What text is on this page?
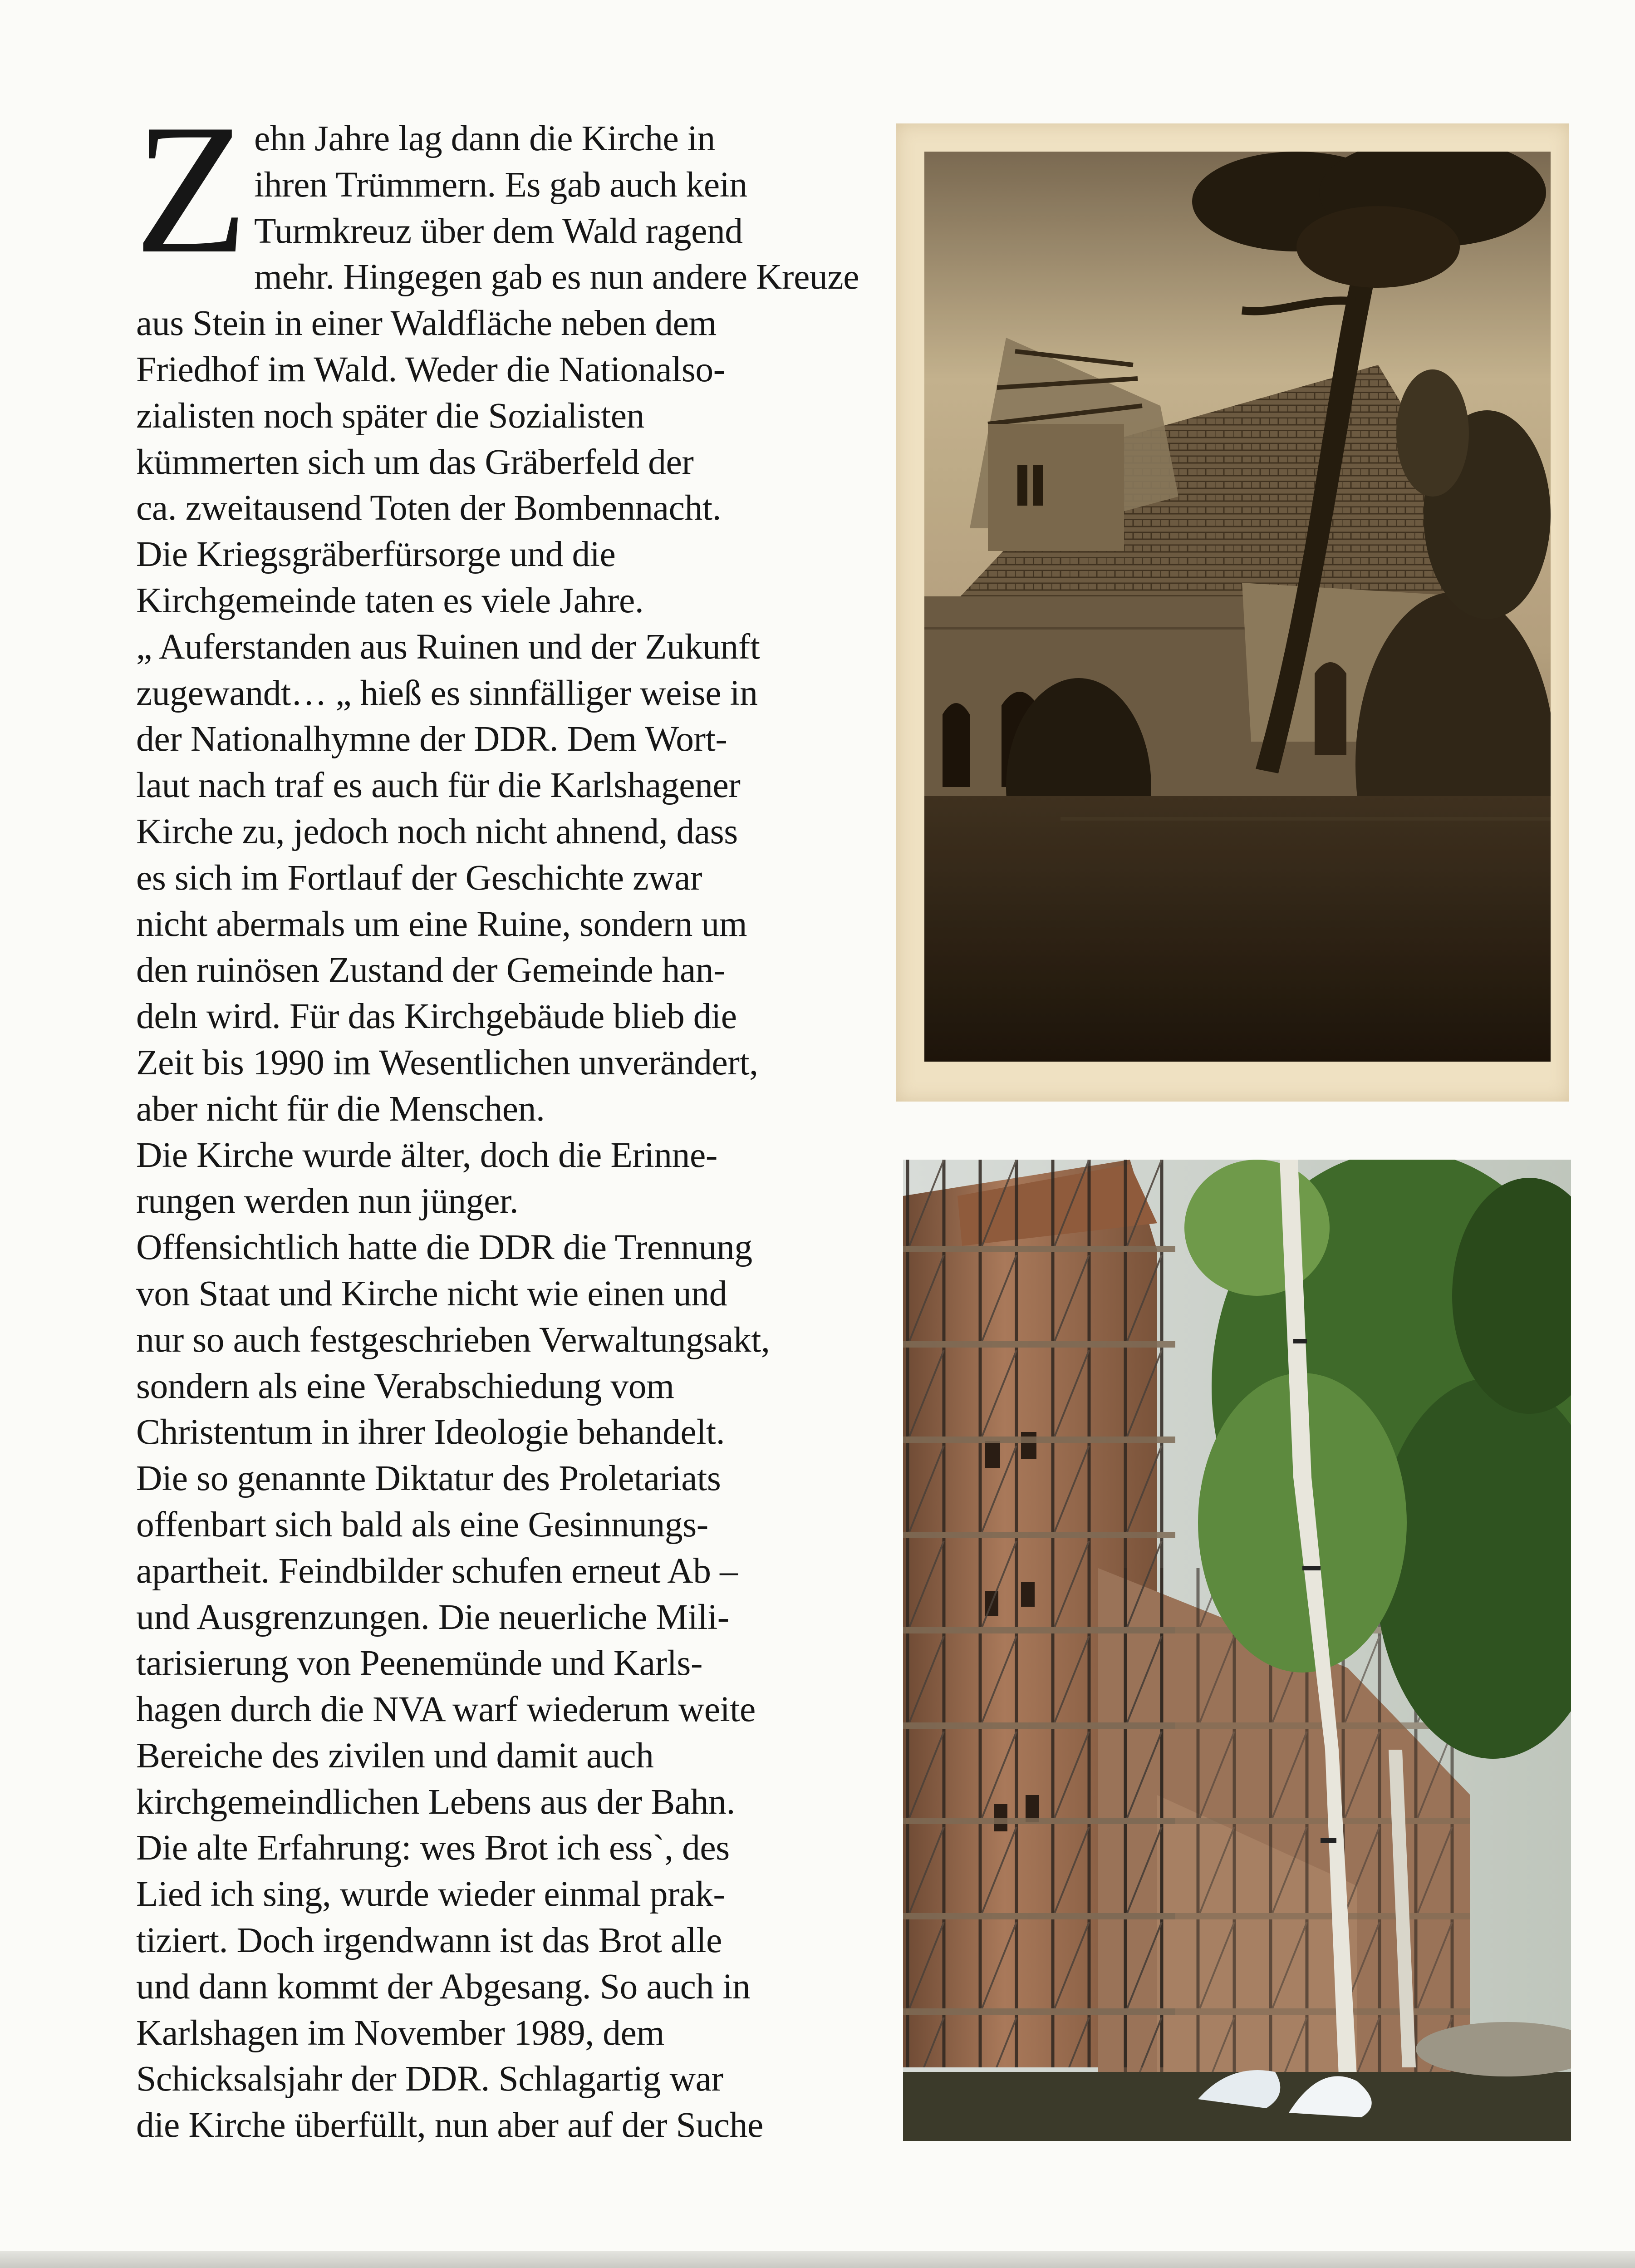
Z ehn Jahre lag dann die Kirche in
ihren Trümmern. Es gab auch kein
Turmkreuz über dem Wald ragend
mehr. Hingegen gab es nun andere Kreuze
aus Stein in einer Waldfläche neben dem
Friedhof im Wald. Weder die Nationalso-
zialisten noch später die Sozialisten
kümmerten sich um das Gräberfeld der
ca. zweitausend Toten der Bombennacht.
Die Kriegsgräberfürsorge und die
Kirchgemeinde taten es viele Jahre.
„ Auferstanden aus Ruinen und der Zukunft
zugewandt… „ hieß es sinnfälliger weise in
der Nationalhymne der DDR. Dem Wort-
laut nach traf es auch für die Karlshagener
Kirche zu, jedoch noch nicht ahnend, dass
es sich im Fortlauf der Geschichte zwar
nicht abermals um eine Ruine, sondern um
den ruinösen Zustand der Gemeinde han-
deln wird. Für das Kirchgebäude blieb die
Zeit bis 1990 im Wesentlichen unverändert,
aber nicht für die Menschen.
Die Kirche wurde älter, doch die Erinne-
rungen werden nun jünger.
Offensichtlich hatte die DDR die Trennung
von Staat und Kirche nicht wie einen und
nur so auch festgeschrieben Verwaltungsakt,
sondern als eine Verabschiedung vom
Christentum in ihrer Ideologie behandelt.
Die so genannte Diktatur des Proletariats
offenbart sich bald als eine Gesinnungs-
apartheit. Feindbilder schufen erneut Ab –
und Ausgrenzungen. Die neuerliche Mili-
tarisierung von Peenemünde und Karls-
hagen durch die NVA warf wiederum weite
Bereiche des zivilen und damit auch
kirchgemeindlichen Lebens aus der Bahn.
Die alte Erfahrung: wes Brot ich ess`, des
Lied ich sing, wurde wieder einmal prak-
tiziert. Doch irgendwann ist das Brot alle
und dann kommt der Abgesang. So auch in
Karlshagen im November 1989, dem
Schicksalsjahr der DDR. Schlagartig war
die Kirche überfüllt, nun aber auf der Suche
